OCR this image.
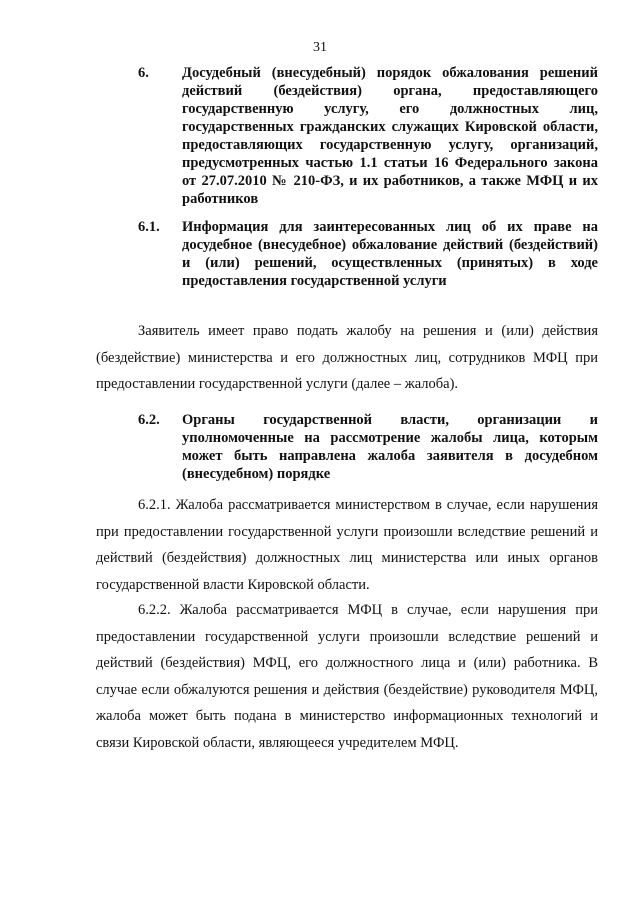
31
6. Досудебный (внесудебный) порядок обжалования решений действий (бездействия) органа, предоставляющего государственную услугу, его должностных лиц, государственных гражданских служащих Кировской области, предоставляющих государственную услугу, организаций, предусмотренных частью 1.1 статьи 16 Федерального закона от 27.07.2010 № 210-ФЗ, и их работников, а также МФЦ и их работников
6.1. Информация для заинтересованных лиц об их праве на досудебное (внесудебное) обжалование действий (бездействий) и (или) решений, осуществленных (принятых) в ходе предоставления государственной услуги
Заявитель имеет право подать жалобу на решения и (или) действия (бездействие) министерства и его должностных лиц, сотрудников МФЦ при предоставлении государственной услуги (далее – жалоба).
6.2. Органы государственной власти, организации и уполномоченные на рассмотрение жалобы лица, которым может быть направлена жалоба заявителя в досудебном (внесудебном) порядке
6.2.1. Жалоба рассматривается министерством в случае, если нарушения при предоставлении государственной услуги произошли вследствие решений и действий (бездействия) должностных лиц министерства или иных органов государственной власти Кировской области.
6.2.2. Жалоба рассматривается МФЦ в случае, если нарушения при предоставлении государственной услуги произошли вследствие решений и действий (бездействия) МФЦ, его должностного лица и (или) работника. В случае если обжалуются решения и действия (бездействие) руководителя МФЦ, жалоба может быть подана в министерство информационных технологий и связи Кировской области, являющееся учредителем МФЦ.
